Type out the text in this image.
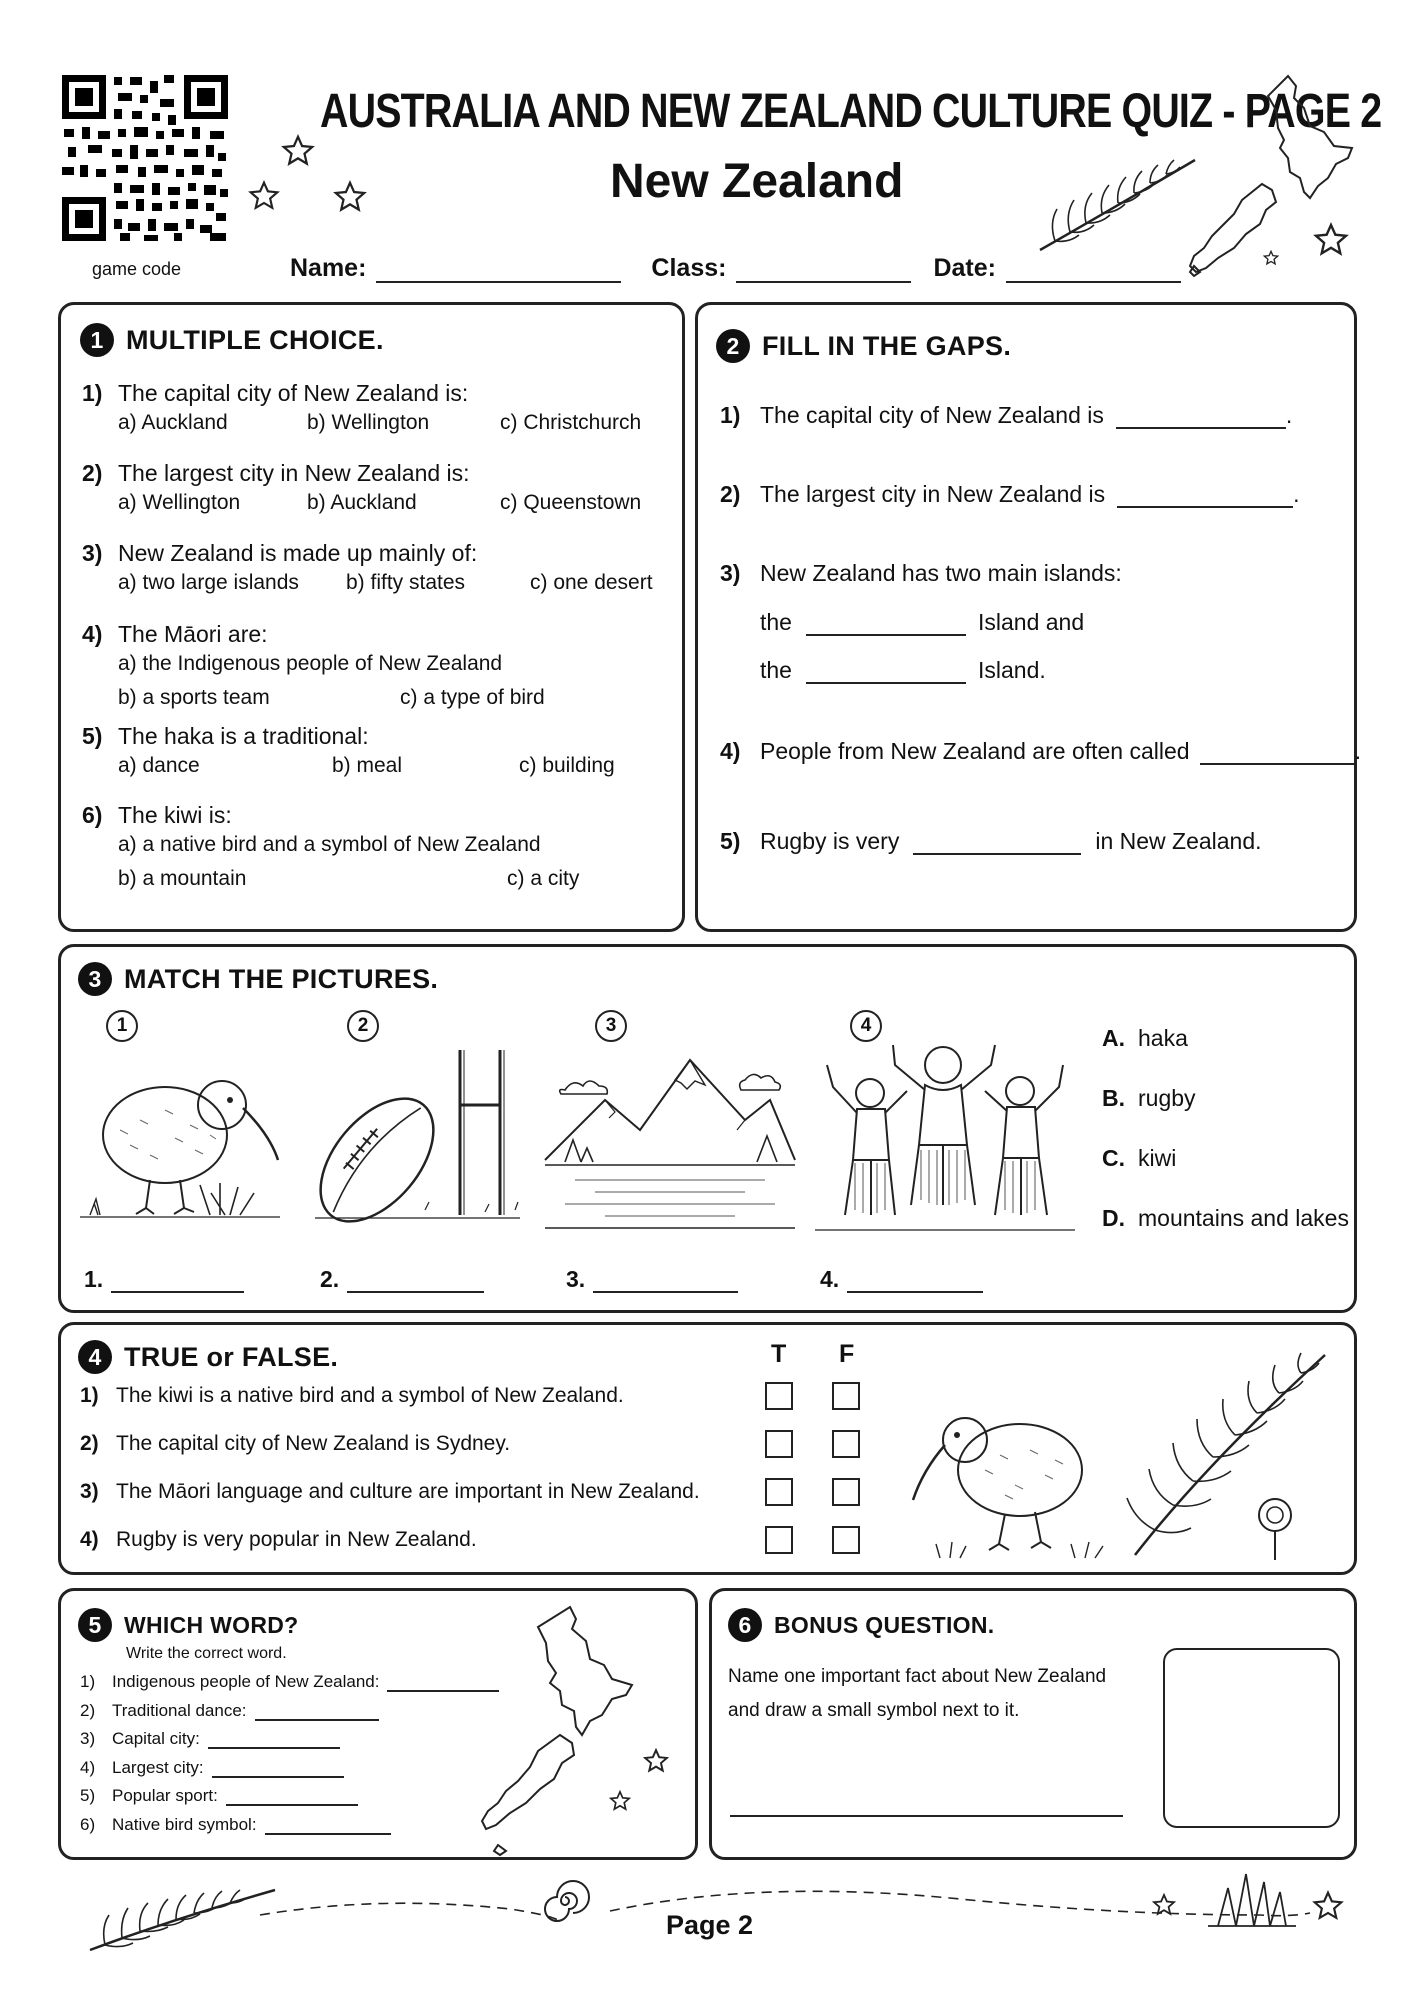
game code
AUSTRALIA AND NEW ZEALAND CULTURE QUIZ - PAGE 2
New Zealand
Name:	Class:	Date:
1 MULTIPLE CHOICE.
1) The capital city of New Zealand is:
a) Auckland	b) Wellington	c) Christchurch
2) The largest city in New Zealand is:
a) Wellington	b) Auckland	c) Queenstown
3) New Zealand is made up mainly of:
a) two large islands b) fifty states	c) one desert
4) The Māori are:
a) the Indigenous people of New Zealand
b) a sports team	c) a type of bird
5) The haka is a traditional:
a) dance	b) meal	c) building
6) The kiwi is:
a) a native bird and a symbol of New Zealand
b) a mountain	c) a city
2 FILL IN THE GAPS.
1) The capital city of New Zealand is	.
2) The largest city in New Zealand is	.
3) New Zealand has two main islands:
the	Island and
the	Island.
4) People from New Zealand are often called	.
5) Rugby is very	in New Zealand.
3 MATCH THE PICTURES.
1	2	3	4	A. haka
B. rugby
C. kiwi
D. mountains and lakes
1.	2.	3.	4.
4 TRUE or FALSE.	T F
1) The kiwi is a native bird and a symbol of New Zealand.
2) The capital city of New Zealand is Sydney.
3) The Māori language and culture are important in New Zealand.
4) Rugby is very popular in New Zealand.
5 WHICH WORD?
Write the correct word.
1) Indigenous people of New Zealand:
2) Traditional dance:
3) Capital city:
4) Largest city:
5) Popular sport:
6) Native bird symbol:
6 BONUS QUESTION.
Name one important fact about New Zealand
and draw a small symbol next to it.
Page 2
